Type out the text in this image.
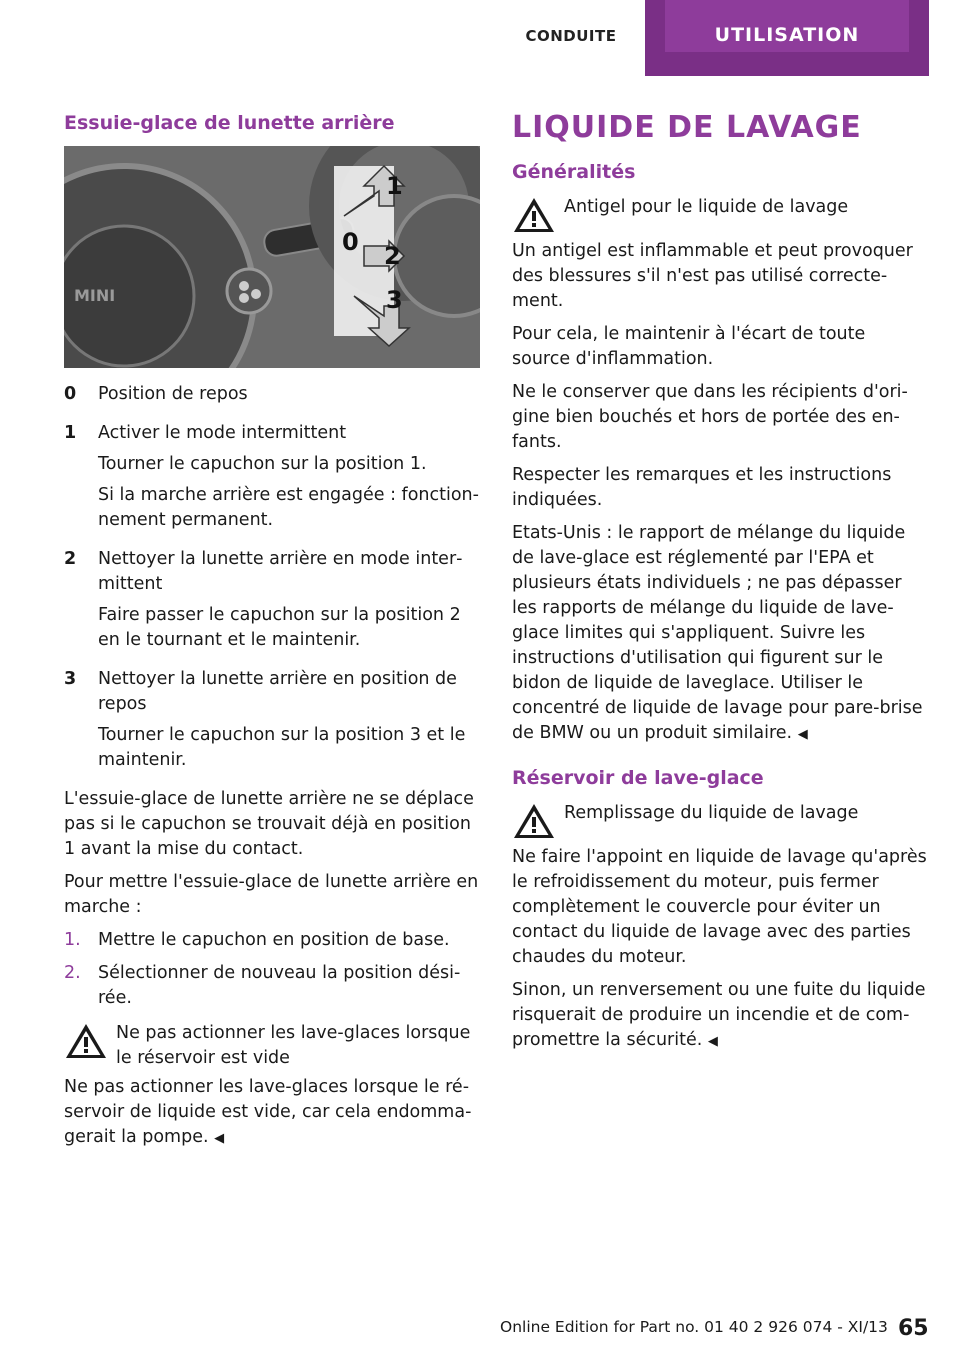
CONDUITE	UTILISATION
Essuie-glace de lunette arrière
MINI
0
1
2
3
0	Position de repos
1	Activer le mode intermittent
Tourner le capuchon sur la position 1.
Si la marche arrière est engagée : fonctionnement permanent.
2	Nettoyer la lunette arrière en mode intermittent
Faire passer le capuchon sur la position 2 en le tournant et le maintenir.
3	Nettoyer la lunette arrière en position de repos
Tourner le capuchon sur la position 3 et le maintenir.

L'essuie-glace de lunette arrière ne se déplace pas si le capuchon se trouvait déjà en position 1 avant la mise du contact.

Pour mettre l'essuie-glace de lunette arrière en marche :

1. Mettre le capuchon en position de base.
2. Sélectionner de nouveau la position désirée.
Ne pas actionner les lave-glaces lorsque le réservoir est vide

Ne pas actionner les lave-glaces lorsque le réservoir de liquide est vide, car cela endommagerait la pompe. ◀

LIQUIDE DE LAVAGE
Généralités
Antigel pour le liquide de lavage

Un antigel est inflammable et peut provoquer des blessures s'il n'est pas utilisé correctement.

Pour cela, le maintenir à l'écart de toute source d'inflammation.

Ne le conserver que dans les récipients d'origine bien bouchés et hors de portée des enfants.

Respecter les remarques et les instructions indiquées.

Etats-Unis : le rapport de mélange du liquide de lave-glace est réglementé par l'EPA et plusieurs états individuels ; ne pas dépasser les rapports de mélange du liquide de lave-glace limites qui s'appliquent. Suivre les instructions d'utilisation qui figurent sur le bidon de liquide de laveglace. Utiliser le concentré de liquide de lavage pour pare-brise de BMW ou un produit similaire. ◀

Réservoir de lave-glace
Remplissage du liquide de lavage

Ne faire l'appoint en liquide de lavage qu'après le refroidissement du moteur, puis fermer complètement le couvercle pour éviter un contact du liquide de lavage avec des parties chaudes du moteur.

Sinon, un renversement ou une fuite du liquide risquerait de produire un incendie et de compromettre la sécurité. ◀

Online Edition for Part no. 01 40 2 926 074 - XI/13 65
